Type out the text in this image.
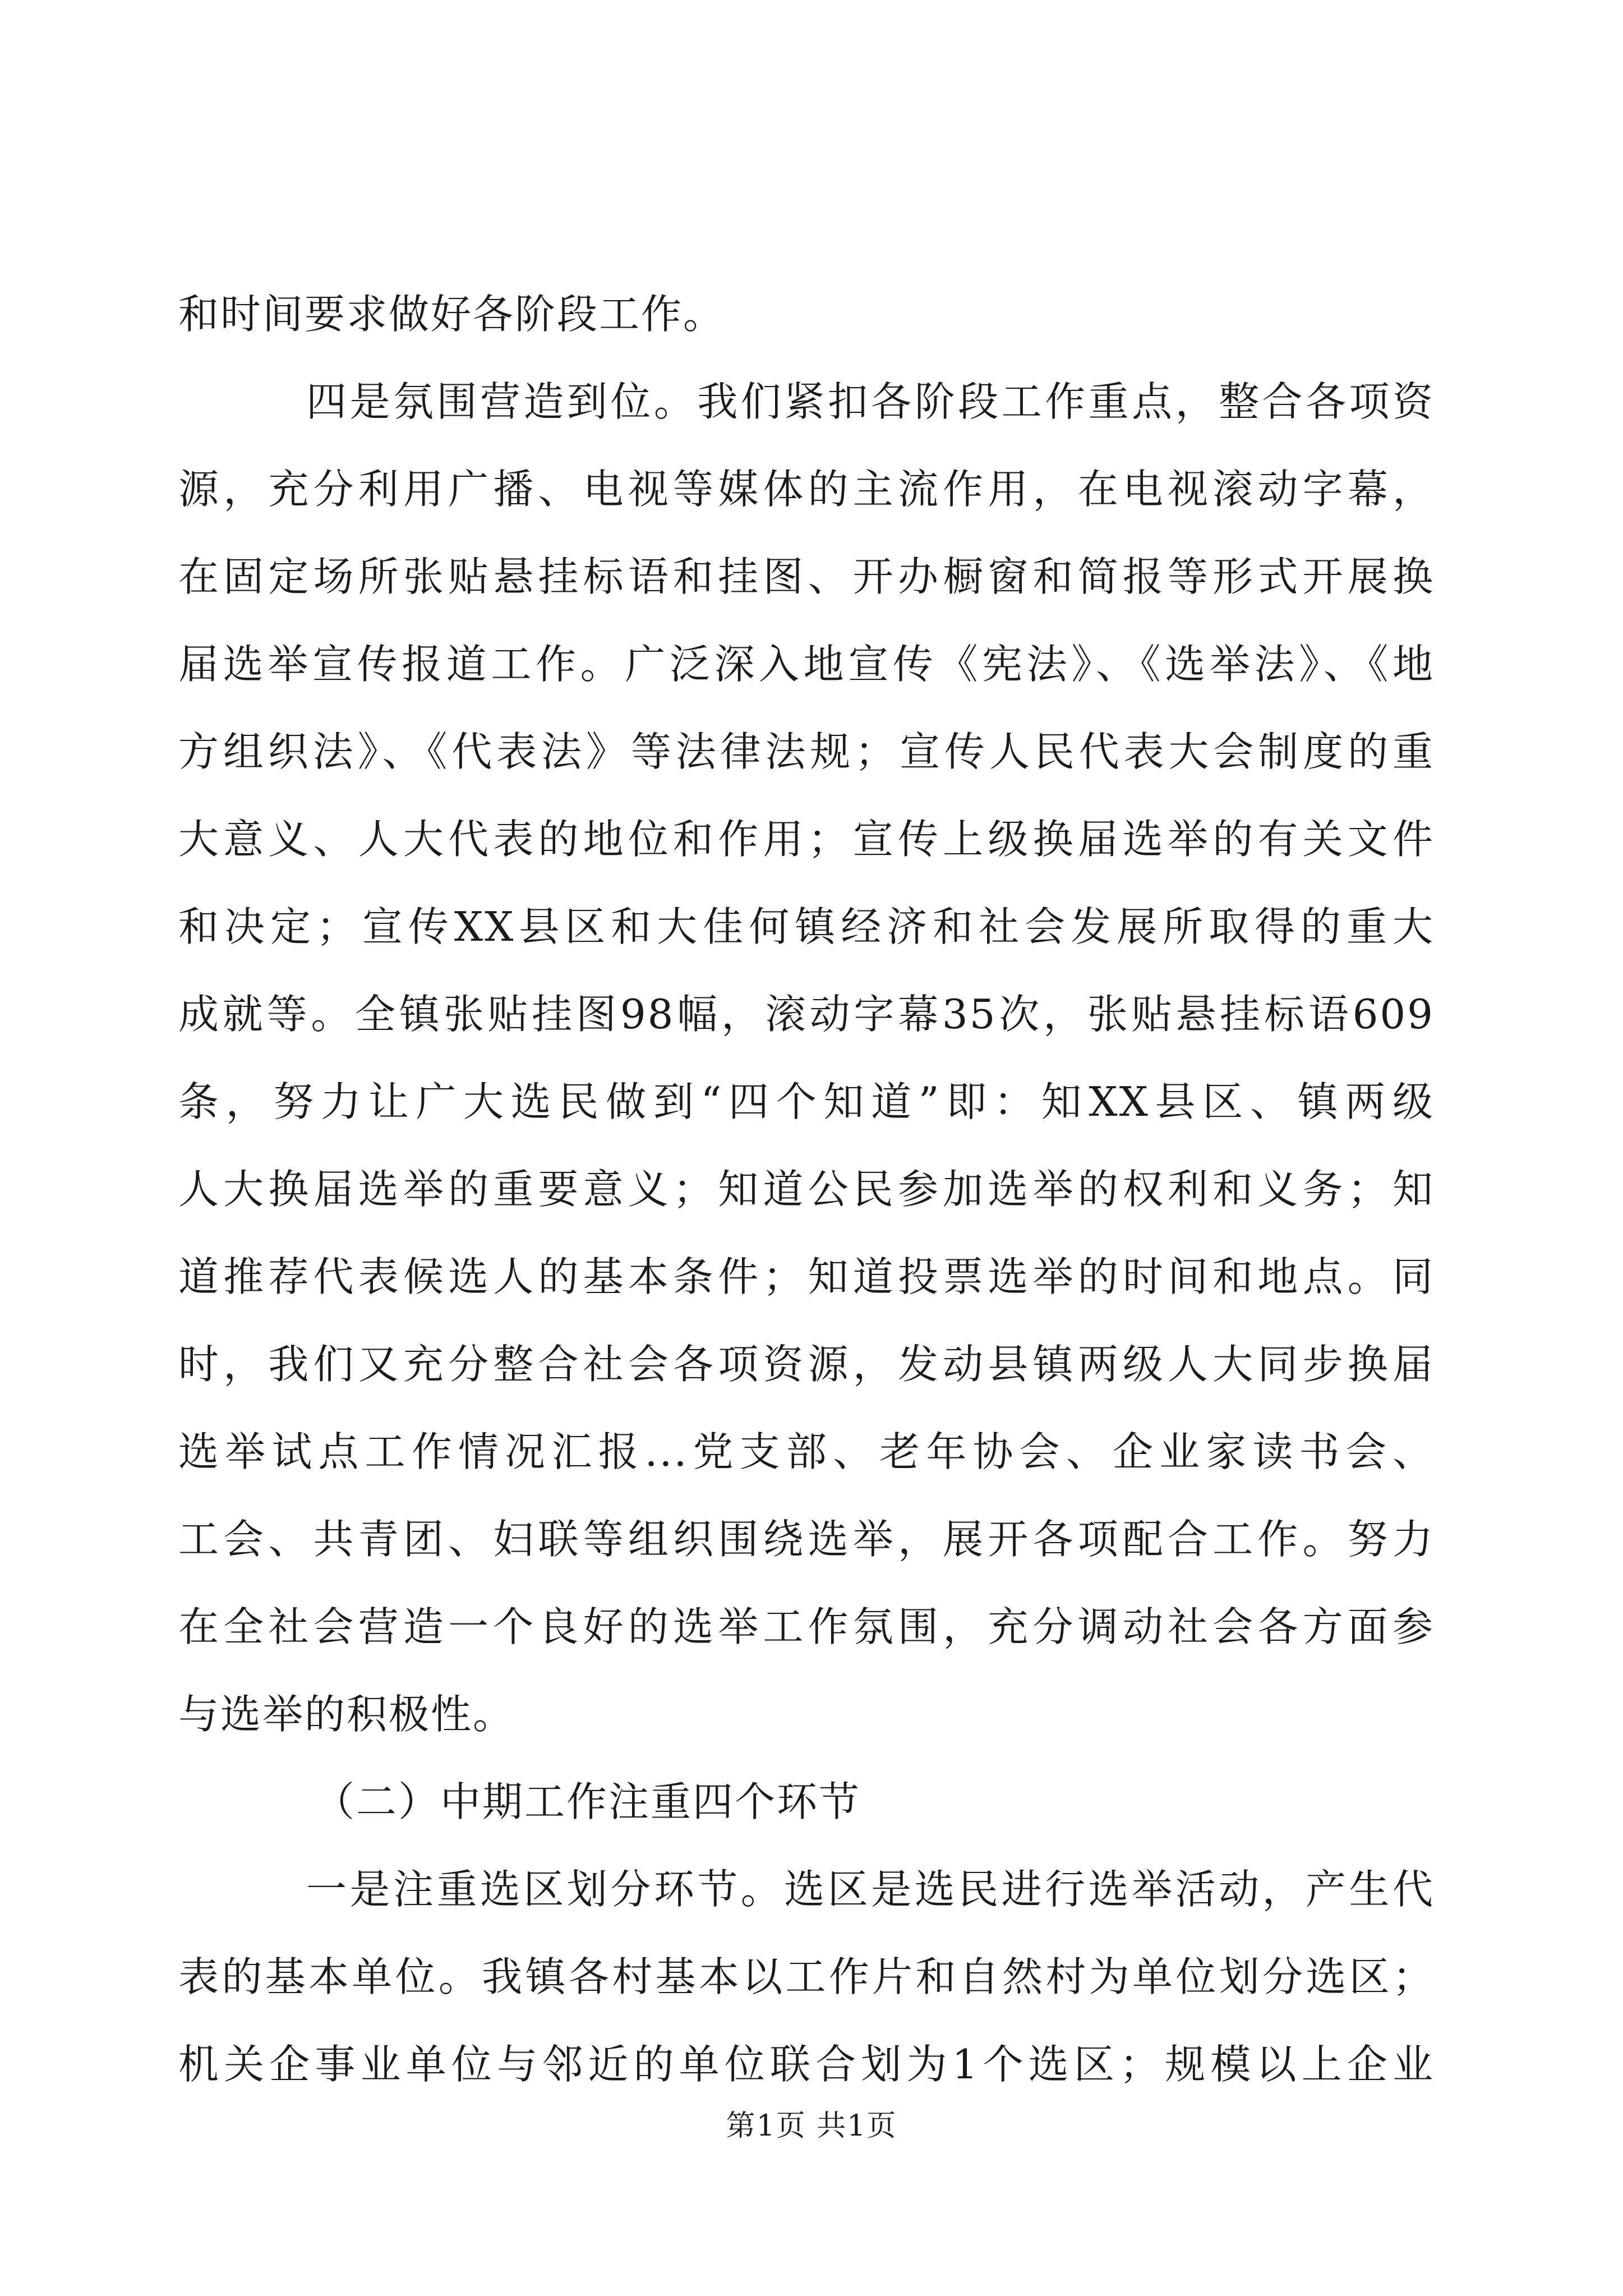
和时间要求做好各阶段工作。
四是氛围营造到位。我们紧扣各阶段工作重点，整合各项资
源，充分利用广播、电视等媒体的主流作用，在电视滚动字幕，
在固定场所张贴悬挂标语和挂图、开办橱窗和简报等形式开展换
届选举宣传报道工作。广泛深入地宣传《宪法》、《选举法》、《地
方组织法》、《代表法》等法律法规；宣传人民代表大会制度的重
大意义、人大代表的地位和作用；宣传上级换届选举的有关文件
和决定；宣传XX县区和大佳何镇经济和社会发展所取得的重大
成就等。全镇张贴挂图98幅，滚动字幕35次，张贴悬挂标语609
条，努力让广大选民做到“四个知道”即：知XX县区、镇两级
人大换届选举的重要意义；知道公民参加选举的权利和义务；知
道推荐代表候选人的基本条件；知道投票选举的时间和地点。同
时，我们又充分整合社会各项资源，发动县镇两级人大同步换届
选举试点工作情况汇报...党支部、老年协会、企业家读书会、
工会、共青团、妇联等组织围绕选举，展开各项配合工作。努力
在全社会营造一个良好的选举工作氛围，充分调动社会各方面参
与选举的积极性。
（二）中期工作注重四个环节
一是注重选区划分环节。选区是选民进行选举活动，产生代
表的基本单位。我镇各村基本以工作片和自然村为单位划分选区；
机关企事业单位与邻近的单位联合划为1个选区；规模以上企业
第1页 共1页
